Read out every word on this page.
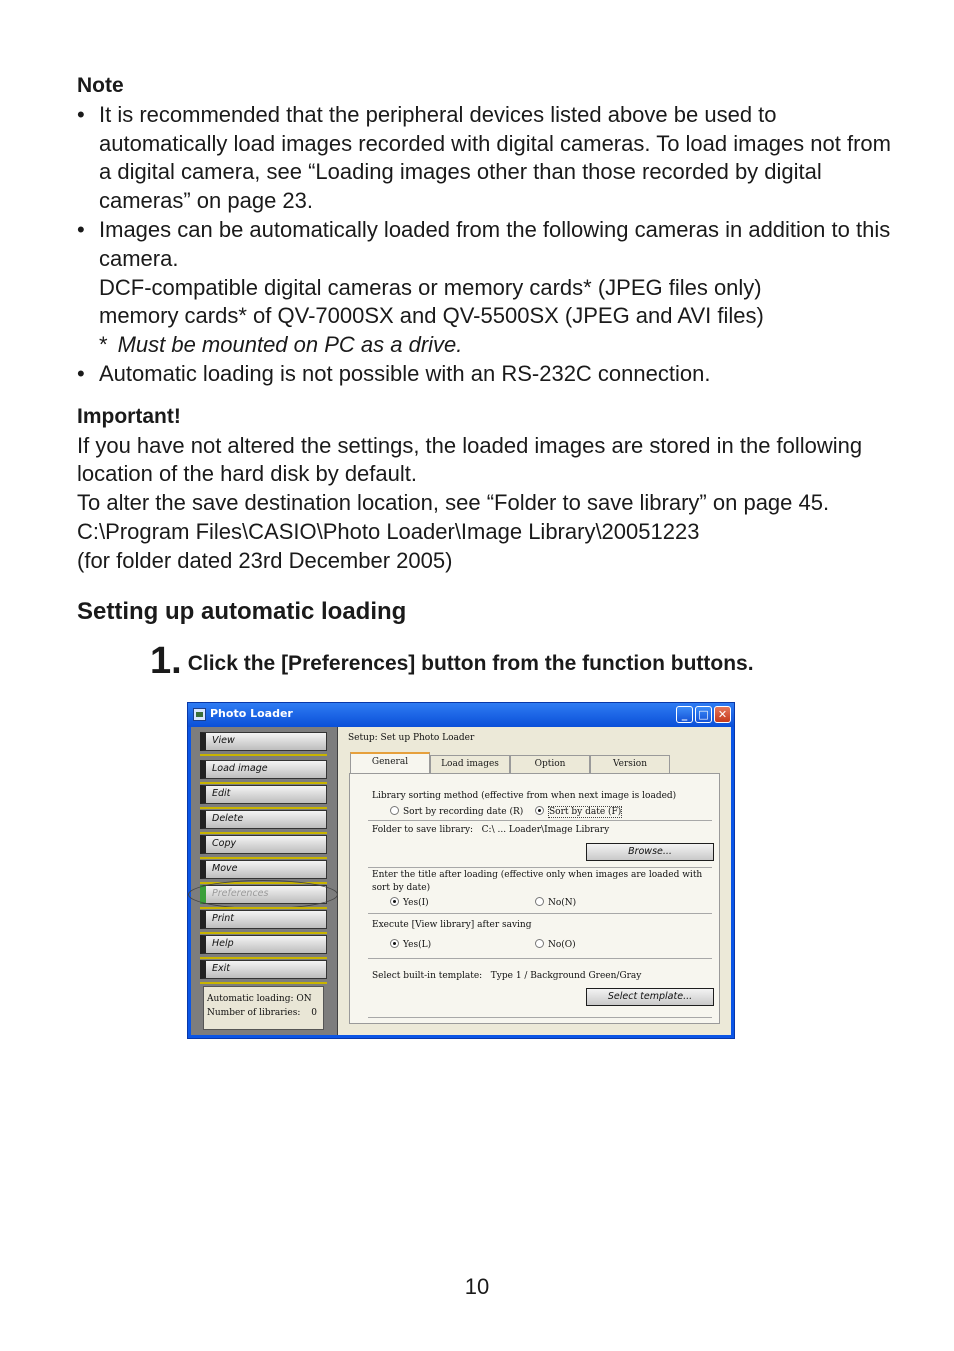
Note
• It is recommended that the peripheral devices listed above be used to automatically load images recorded with digital cameras. To load images not from a digital camera, see “Loading images other than those recorded by digital cameras” on page 23.
• Images can be automatically loaded from the following cameras in addition to this camera.
DCF-compatible digital cameras or memory cards* (JPEG files only)
memory cards* of QV-7000SX and QV-5500SX (JPEG and AVI files)
* Must be mounted on PC as a drive.
• Automatic loading is not possible with an RS-232C connection.
Important!
If you have not altered the settings, the loaded images are stored in the following location of the hard disk by default.
To alter the save destination location, see “Folder to save library” on page 45.
C:\Program Files\CASIO\Photo Loader\Image Library\20051223
(for folder dated 23rd December 2005)
Setting up automatic loading
1. Click the [Preferences] button from the function buttons.
Photo Loader	_	□ ✕
View
Load image
Edit
Delete
Copy
Move
Preferences
Print
Help
Exit
Automatic loading: ON
Number of libraries: 0
Setup: Set up Photo Loader
General	Load images	Option	Version
Library sorting method (effective from when next image is loaded)
Sort by recording date (R)	Sort by date (F)
Folder to save library: C:\ ... Loader\Image Library
Browse...
Enter the title after loading (effective only when images are loaded with
sort by date)
Yes(I)	No(N)
Execute [View library] after saving
Yes(L)	No(O)
Select built-in template: Type 1 / Background Green/Gray
Select template...
10
